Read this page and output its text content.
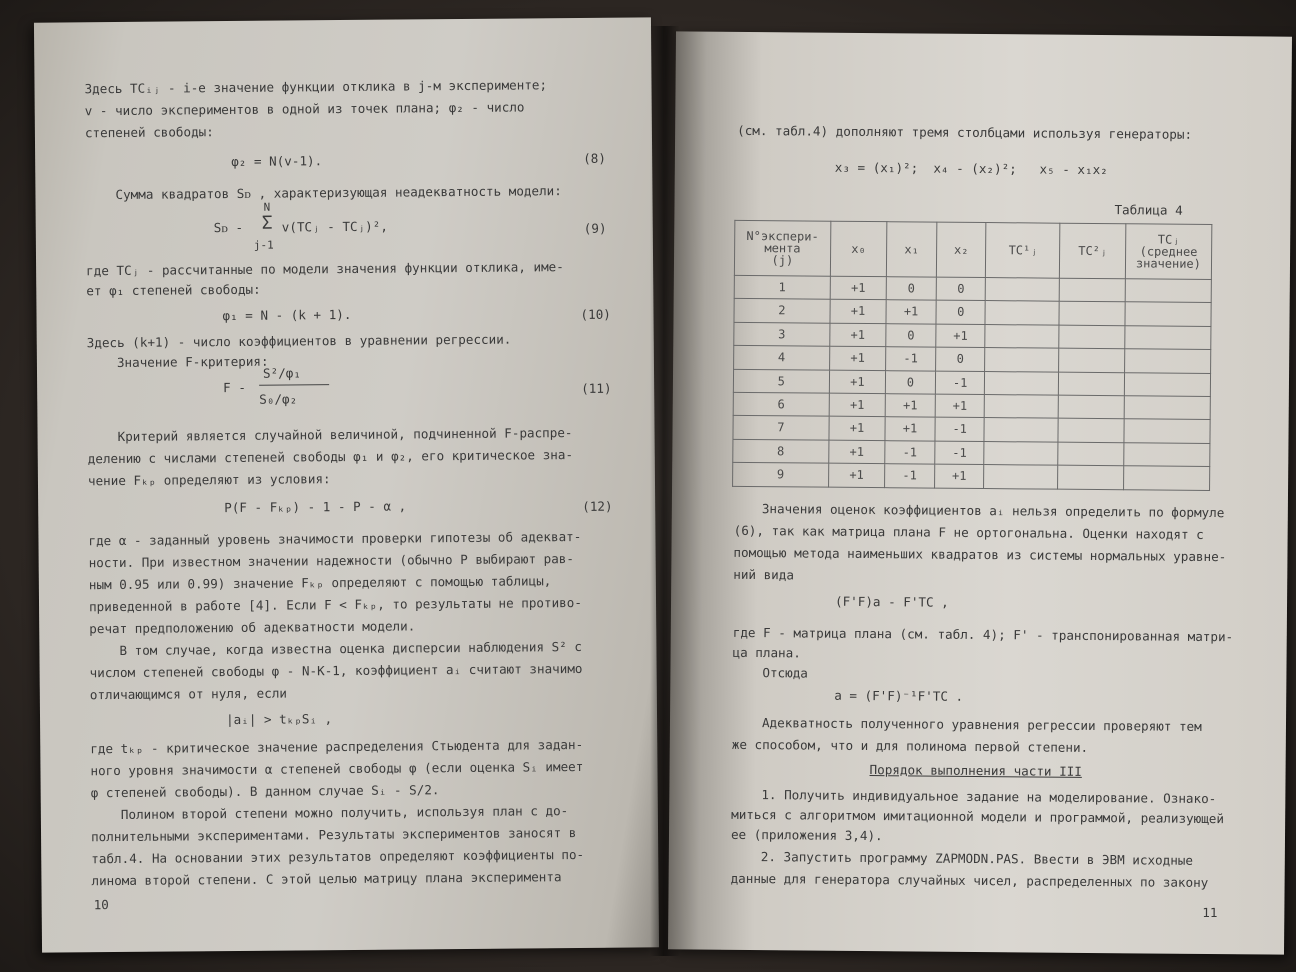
Здесь TCᵢⱼ - i-е значение функции отклика в j-м эксперименте;
v - число экспериментов в одной из точек плана; φ₂ - число
степеней свободы:
φ₂ = N(v-1).	(8)
Сумма квадратов Sᴅ , характеризующая неадекватность модели:
Sᴅ -
N
Σ
j-1
v(TCⱼ - TCⱼ)²,	(9)
где TCⱼ - рассчитанные по модели значения функции отклика, име-
ет φ₁ степеней свободы:
φ₁ = N - (k + 1).	(10)
Здесь (k+1) - число коэффициентов в уравнении регрессии.
Значение F-критерия:
F -
S²/φ₁
S₀/φ₂
(11)
Критерий является случайной величиной, подчиненной F-распре-
делению с числами степеней свободы φ₁ и φ₂, его критическое зна-
чение Fₖₚ определяют из условия:
P(F - Fₖₚ) - 1 - P - α ,	(12)
где α - заданный уровень значимости проверки гипотезы об адекват-
ности. При известном значении надежности (обычно P выбирают рав-
ным 0.95 или 0.99) значение Fₖₚ определяют с помощью таблицы,
приведенной в работе [4]. Если F < Fₖₚ, то результаты не противо-
речат предположению об адекватности модели.
В том случае, когда известна оценка дисперсии наблюдения S² с
числом степеней свободы φ - N-K-1, коэффициент aᵢ считают значимо
отличающимся от нуля, если
|aᵢ| > tₖₚSᵢ ,
где tₖₚ - критическое значение распределения Стьюдента для задан-
ного уровня значимости α степеней свободы φ (если оценка Sᵢ имеет
φ степеней свободы). В данном случае Sᵢ - S/2.
Полином второй степени можно получить, используя план с до-
полнительными экспериментами. Результаты экспериментов заносят в
табл.4. На основании этих результатов определяют коэффициенты по-
линома второй степени. С этой целью матрицу плана эксперимента
10
(см. табл.4) дополняют тремя столбцами используя генераторы:
x₃ = (x₁)²;  x₄ - (x₂)²;   x₅ - x₁x₂
Таблица 4
N°экспери-
мента
(j)	x₀	x₁	x₂	TC¹ⱼ	TC²ⱼ	TCⱼ
(среднее
значение)
1	+1	0	0			
2	+1	+1	0			
3	+1	0	+1			
4	+1	-1	0			
5	+1	0	-1			
6	+1	+1	+1			
7	+1	+1	-1			
8	+1	-1	-1			
9	+1	-1	+1			
Значения оценок коэффициентов aᵢ нельзя определить по формуле
(6), так как матрица плана F не ортогональна. Оценки находят с
помощью метода наименьших квадратов из системы нормальных уравне-
ний вида
(F'F)a - F'TC ,
где F - матрица плана (см. табл. 4); F' - транспонированная матри-
ца плана.
Отсюда
a = (F'F)⁻¹F'TC .
Адекватность полученного уравнения регрессии проверяют тем
же способом, что и для полинома первой степени.
Порядок выполнения части III
1. Получить индивидуальное задание на моделирование. Ознако-
миться с алгоритмом имитационной модели и программой, реализующей
ее (приложения 3,4).
2. Запустить программу ZAPMODN.PAS. Ввести в ЭВМ исходные
данные для генератора случайных чисел, распределенных по закону
11
